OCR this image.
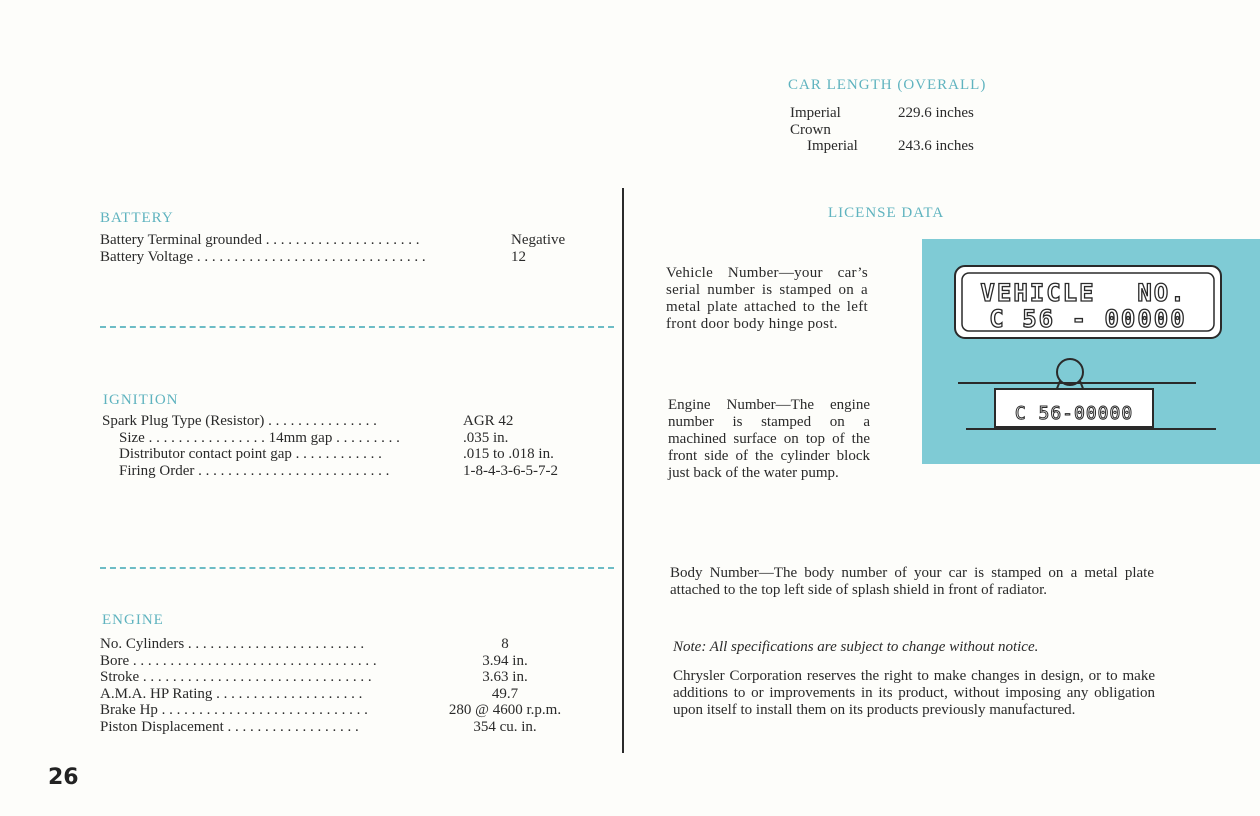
CAR LENGTH (OVERALL)
Imperial	229.6 inches
Crown
Imperial	243.6 inches
BATTERY
Battery Terminal grounded . . . . . . . . . . . . . . . . . . . . .	Negative
Battery Voltage . . . . . . . . . . . . . . . . . . . . . . . . . . . . . . .	12
IGNITION
Spark Plug Type (Resistor) . . . . . . . . . . . . . . .	AGR 42
Size . . . . . . . . . . . . . . . . 14mm gap . . . . . . . . .	.035 in.
Distributor contact point gap . . . . . . . . . . . .	.015 to .018 in.
Firing Order . . . . . . . . . . . . . . . . . . . . . . . . . .	1-8-4-3-6-5-7-2
ENGINE
No. Cylinders . . . . . . . . . . . . . . . . . . . . . . . .	8
Bore . . . . . . . . . . . . . . . . . . . . . . . . . . . . . . . . .	3.94 in.
Stroke . . . . . . . . . . . . . . . . . . . . . . . . . . . . . . .	3.63 in.
A.M.A. HP Rating . . . . . . . . . . . . . . . . . . . .	49.7
Brake Hp . . . . . . . . . . . . . . . . . . . . . . . . . . . .	280 @ 4600 r.p.m.
Piston Displacement . . . . . . . . . . . . . . . . . .	354 cu. in.
26
LICENSE DATA
Vehicle Number—your car’s serial number is stamped on a metal plate attached to the left front door body hinge post.
Engine Number—The engine number is stamped on a machined surface on top of the front side of the cylinder block just back of the water pump.
VEHICLE NO.
C 56 - 00000
C 56-00000
Body Number—The body number of your car is stamped on a metal plate attached to the top left side of splash shield in front of radiator.
Note: All specifications are subject to change without notice.
Chrysler Corporation reserves the right to make changes in design, or to make additions to or improvements in its product, without imposing any obligation upon itself to install them on its products previously manufactured.
